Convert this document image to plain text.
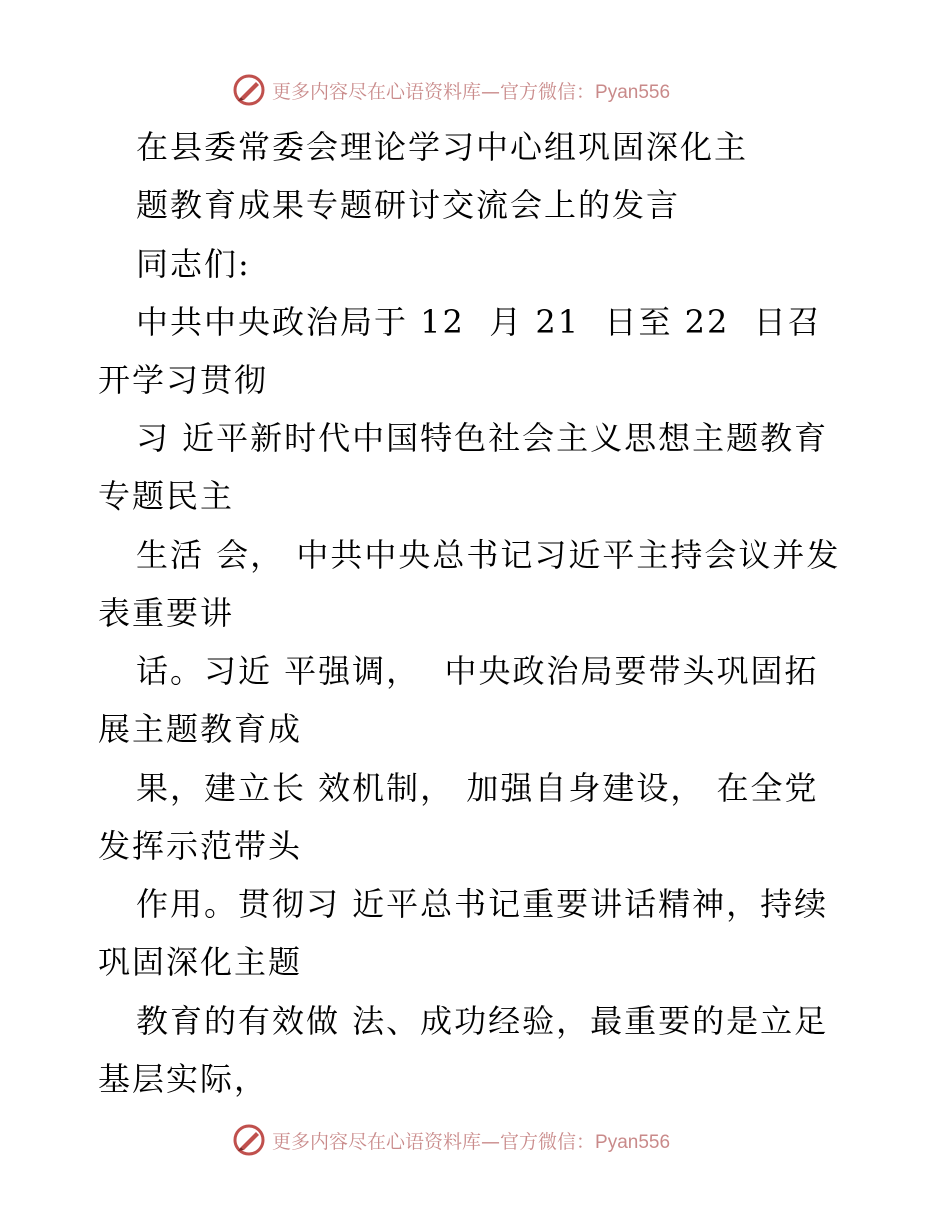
更多内容尽在心语资料库—官方微信：Pyan556
在县委常委会理论学习中心组巩固深化主
题教育成果专题研讨交流会上的发言
同志们:
中共中央政治局于 12  月 21  日至 22  日召
开学习贯彻
习 近平新时代中国特色社会主义思想主题教育
专题民主
生活 会， 中共中央总书记习近平主持会议并发
表重要讲
话。习近 平强调，  中央政治局要带头巩固拓
展主题教育成
果，建立长 效机制， 加强自身建设， 在全党
发挥示范带头
作用。贯彻习 近平总书记重要讲话精神，持续
巩固深化主题
教育的有效做 法、成功经验，最重要的是立足
基层实际，
更多内容尽在心语资料库—官方微信：Pyan556
